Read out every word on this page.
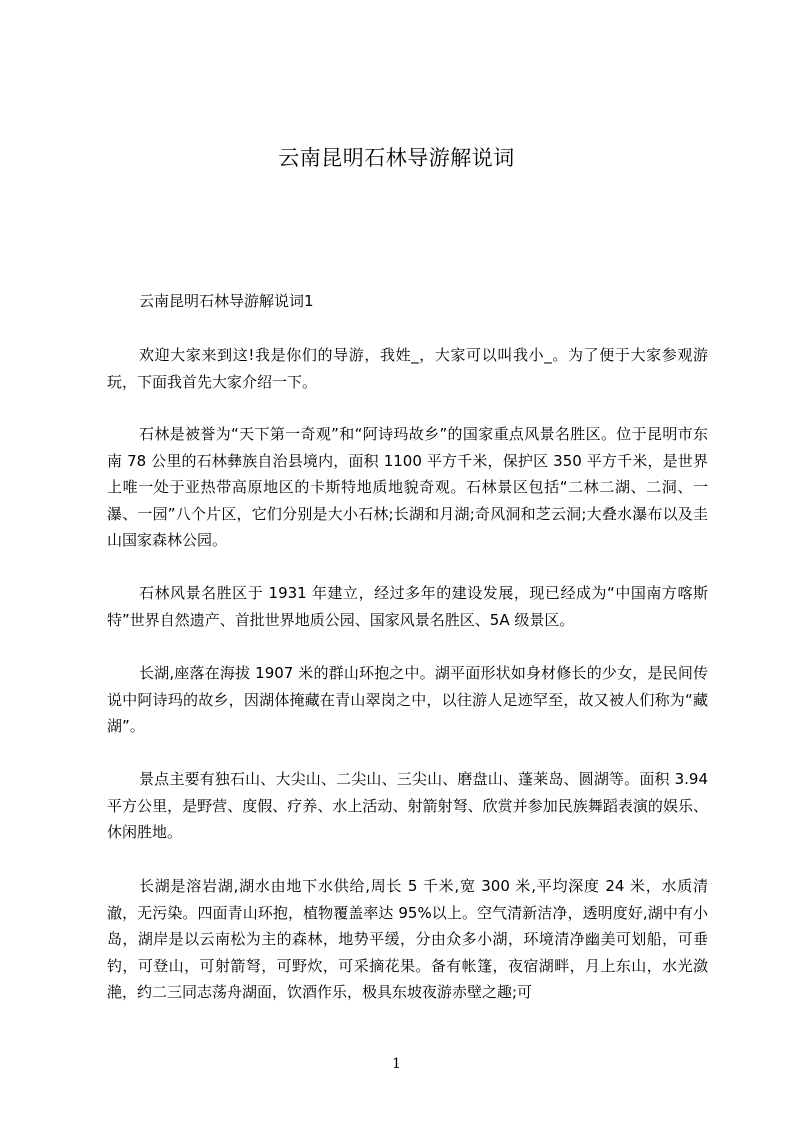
云南昆明石林导游解说词
云南昆明石林导游解说词1

欢迎大家来到这!我是你们的导游，我姓_，大家可以叫我小_。为了便于大家参观游玩，下面我首先大家介绍一下。

石林是被誉为“天下第一奇观”和“阿诗玛故乡”的国家重点风景名胜区。位于昆明市东南 78 公里的石林彝族自治县境内，面积 1100 平方千米，保护区 350 平方千米，是世界上唯一处于亚热带高原地区的卡斯特地质地貌奇观。石林景区包括“二林二湖、二洞、一瀑、一园”八个片区，它们分别是大小石林;长湖和月湖;奇风洞和芝云洞;大叠水瀑布以及圭山国家森林公园。

石林风景名胜区于 1931 年建立，经过多年的建设发展，现已经成为“中国南方喀斯特”世界自然遗产、首批世界地质公园、国家风景名胜区、5A 级景区。

长湖,座落在海拔 1907 米的群山环抱之中。湖平面形状如身材修长的少女，是民间传说中阿诗玛的故乡，因湖体掩藏在青山翠岗之中，以往游人足迹罕至，故又被人们称为“藏湖”。

景点主要有独石山、大尖山、二尖山、三尖山、磨盘山、蓬莱岛、圆湖等。面积 3.94 平方公里，是野营、度假、疗养、水上活动、射箭射弩、欣赏并参加民族舞蹈表演的娱乐、休闲胜地。

长湖是溶岩湖,湖水由地下水供给,周长 5 千米,宽 300 米,平均深度 24 米，水质清澈，无污染。四面青山环抱，植物覆盖率达 95%以上。空气清新洁净，透明度好,湖中有小岛，湖岸是以云南松为主的森林，地势平缓，分由众多小湖，环境清净幽美可划船，可垂钓，可登山，可射箭弩，可野炊，可采摘花果。备有帐篷，夜宿湖畔，月上东山，水光潋滟，约二三同志荡舟湖面，饮酒作乐，极具东坡夜游赤壁之趣;可

1
